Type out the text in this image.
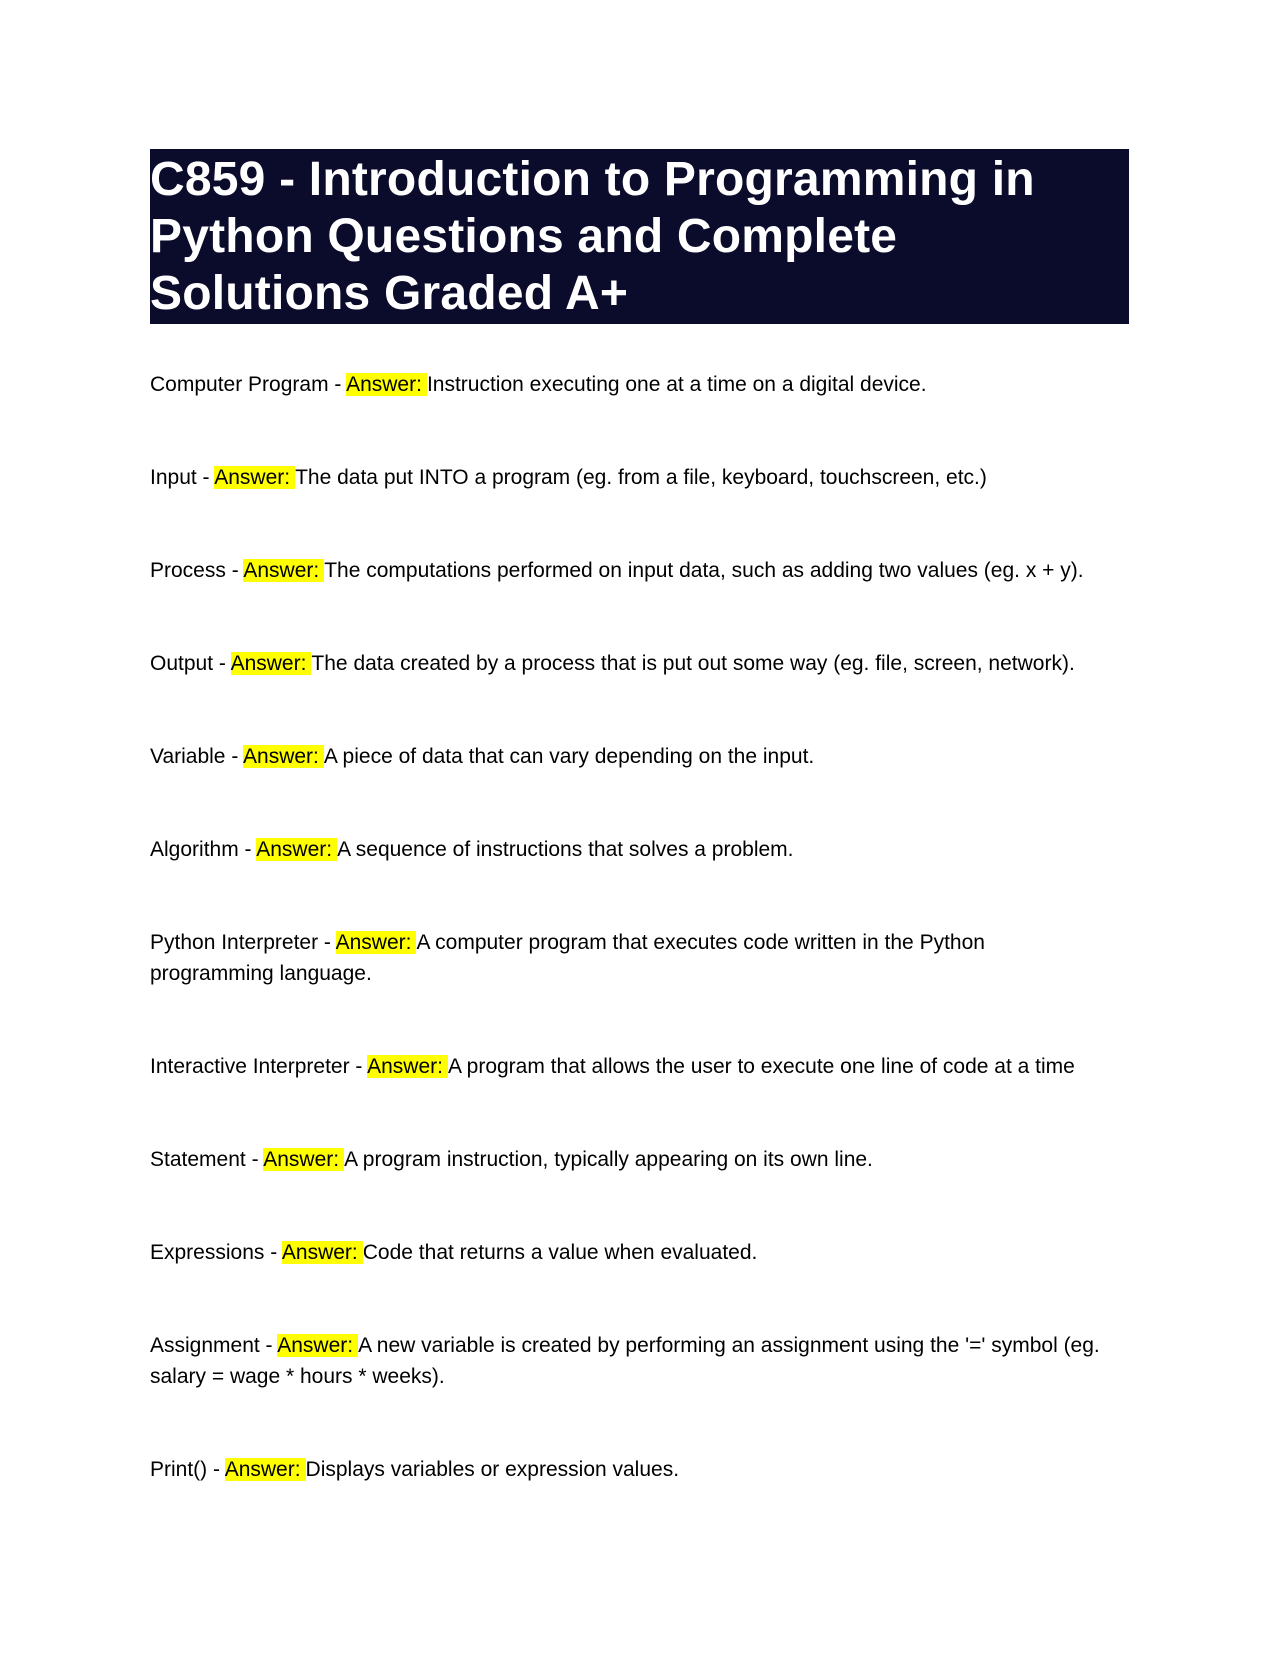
C859 - Introduction to Programming in Python Questions and Complete Solutions Graded A+
Computer Program - Answer: Instruction executing one at a time on a digital device.
Input - Answer: The data put INTO a program (eg. from a file, keyboard, touchscreen, etc.)
Process - Answer: The computations performed on input data, such as adding two values (eg. x + y).
Output - Answer: The data created by a process that is put out some way (eg. file, screen, network).
Variable - Answer: A piece of data that can vary depending on the input.
Algorithm - Answer: A sequence of instructions that solves a problem.
Python Interpreter - Answer: A computer program that executes code written in the Python programming language.
Interactive Interpreter - Answer: A program that allows the user to execute one line of code at a time
Statement - Answer: A program instruction, typically appearing on its own line.
Expressions - Answer: Code that returns a value when evaluated.
Assignment - Answer: A new variable is created by performing an assignment using the '=' symbol (eg. salary = wage * hours * weeks).
Print() - Answer: Displays variables or expression values.
